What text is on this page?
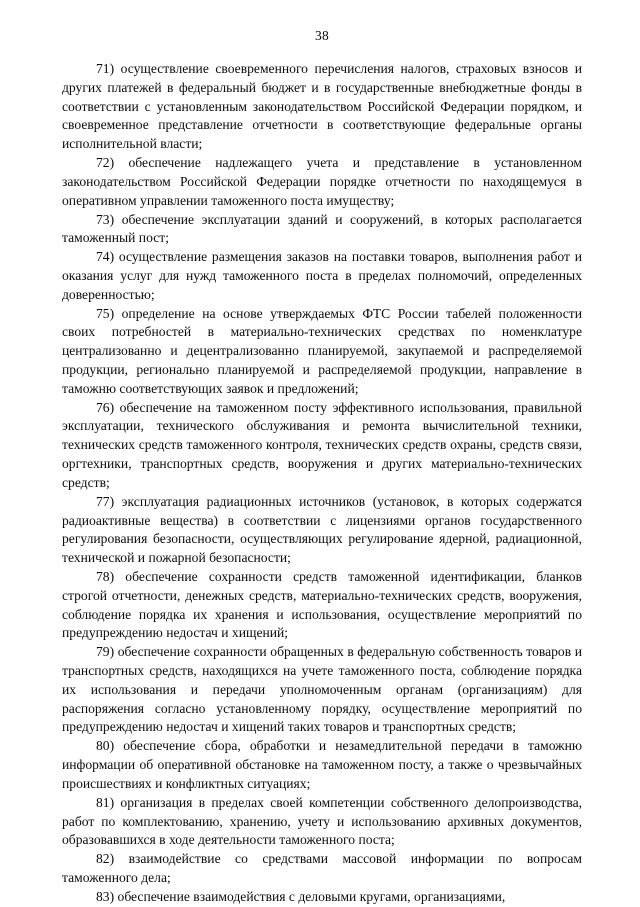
38

71) осуществление своевременного перечисления налогов, страховых взносов и других платежей в федеральный бюджет и в государственные внебюджетные фонды в соответствии с установленным законодательством Российской Федерации порядком, и своевременное представление отчетности в соответствующие федеральные органы исполнительной власти;

72) обеспечение надлежащего учета и представление в установленном законодательством Российской Федерации порядке отчетности по находящемуся в оперативном управлении таможенного поста имуществу;

73) обеспечение эксплуатации зданий и сооружений, в которых располагается таможенный пост;

74) осуществление размещения заказов на поставки товаров, выполнения работ и оказания услуг для нужд таможенного поста в пределах полномочий, определенных доверенностью;

75) определение на основе утверждаемых ФТС России табелей положенности своих потребностей в материально-технических средствах по номенклатуре централизованно и децентрализованно планируемой, закупаемой и распределяемой продукции, регионально планируемой и распределяемой продукции, направление в таможню соответствующих заявок и предложений;

76) обеспечение на таможенном посту эффективного использования, правильной эксплуатации, технического обслуживания и ремонта вычислительной техники, технических средств таможенного контроля, технических средств охраны, средств связи, оргтехники, транспортных средств, вооружения и других материально-технических средств;

77) эксплуатация радиационных источников (установок, в которых содержатся радиоактивные вещества) в соответствии с лицензиями органов государственного регулирования безопасности, осуществляющих регулирование ядерной, радиационной, технической и пожарной безопасности;

78) обеспечение сохранности средств таможенной идентификации, бланков строгой отчетности, денежных средств, материально-технических средств, вооружения, соблюдение порядка их хранения и использования, осуществление мероприятий по предупреждению недостач и хищений;

79) обеспечение сохранности обращенных в федеральную собственность товаров и транспортных средств, находящихся на учете таможенного поста, соблюдение порядка их использования и передачи уполномоченным органам (организациям) для распоряжения согласно установленному порядку, осуществление мероприятий по предупреждению недостач и хищений таких товаров и транспортных средств;

80) обеспечение сбора, обработки и незамедлительной передачи в таможню информации об оперативной обстановке на таможенном посту, а также о чрезвычайных происшествиях и конфликтных ситуациях;

81) организация в пределах своей компетенции собственного делопроизводства, работ по комплектованию, хранению, учету и использованию архивных документов, образовавшихся в ходе деятельности таможенного поста;

82) взаимодействие со средствами массовой информации по вопросам таможенного дела;

83) обеспечение взаимодействия с деловыми кругами, организациями,
